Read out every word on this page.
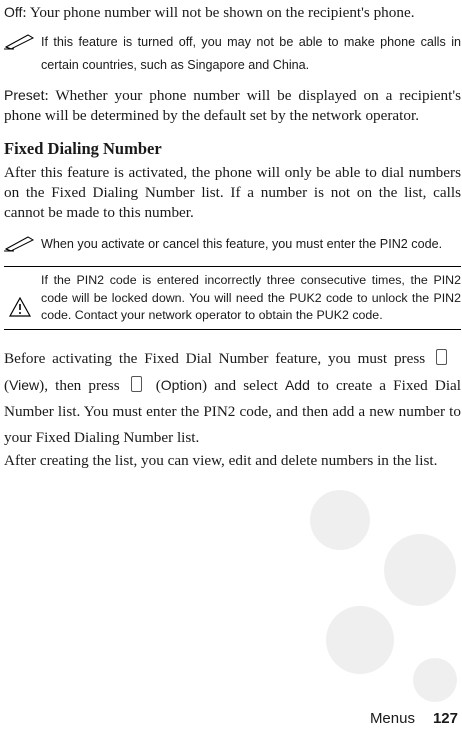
Off: Your phone number will not be shown on the recipient's phone.

If this feature is turned off, you may not be able to make phone calls in certain countries, such as Singapore and China.

Preset: Whether your phone number will be displayed on a recipient's phone will be determined by the default set by the network operator.

Fixed Dialing Number

After this feature is activated, the phone will only be able to dial numbers on the Fixed Dialing Number list. If a number is not on the list, calls cannot be made to this number.

When you activate or cancel this feature, you must enter the PIN2 code.
If the PIN2 code is entered incorrectly three consecutive times, the PIN2 code will be locked down. You will need the PUK2 code to unlock the PIN2 code. Contact your network operator to obtain the PUK2 code.

Before activating the Fixed Dial Number feature, you must press (View), then press (Option) and select Add to create a Fixed Dial Number list. You must enter the PIN2 code, and then add a new number to your Fixed Dialing Number list.

After creating the list, you can view, edit and delete numbers in the list.

Menus 127
